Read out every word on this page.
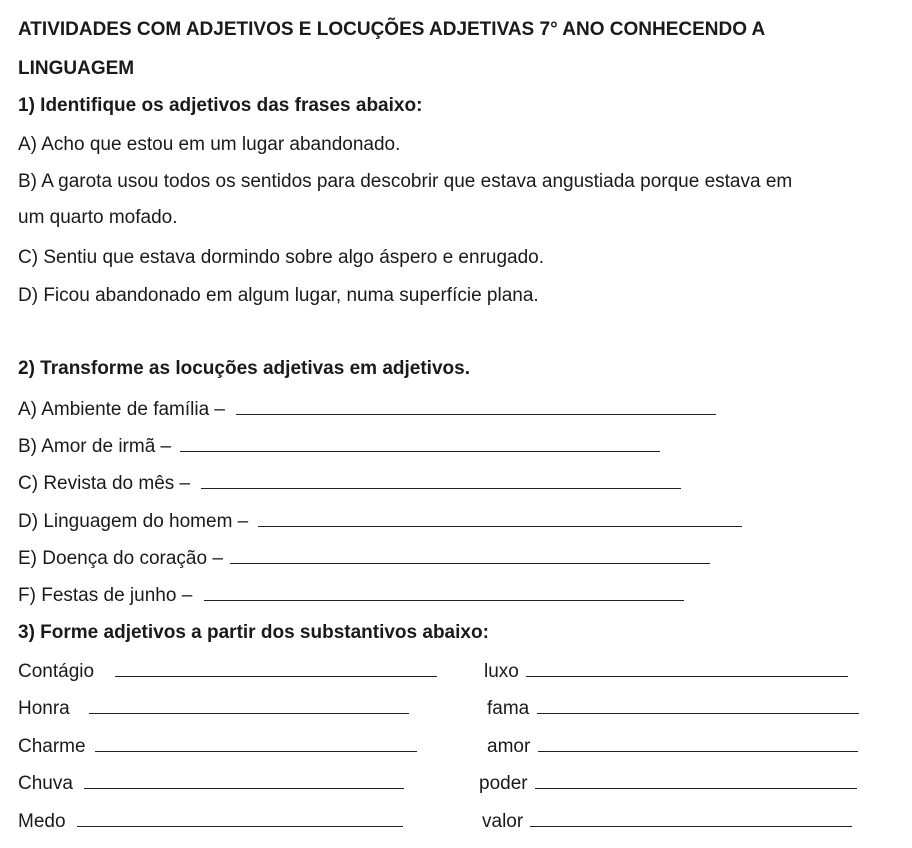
ATIVIDADES COM ADJETIVOS E LOCUÇÕES ADJETIVAS 7° ANO CONHECENDO A
LINGUAGEM
1) Identifique os adjetivos das frases abaixo:
A) Acho que estou em um lugar abandonado.
B) A garota usou todos os sentidos para descobrir que estava angustiada porque estava em
um quarto mofado.
C) Sentiu que estava dormindo sobre algo áspero e enrugado.
D) Ficou abandonado em algum lugar, numa superfície plana.
2) Transforme as locuções adjetivas em adjetivos.
A) Ambiente de família –
B) Amor de irmã –
C) Revista do mês –
D) Linguagem do homem –
E) Doença do coração –
F) Festas de junho –
3) Forme adjetivos a partir dos substantivos abaixo:
Contágio
Honra
Charme
Chuva
Medo
luxo
fama
amor
poder
valor
